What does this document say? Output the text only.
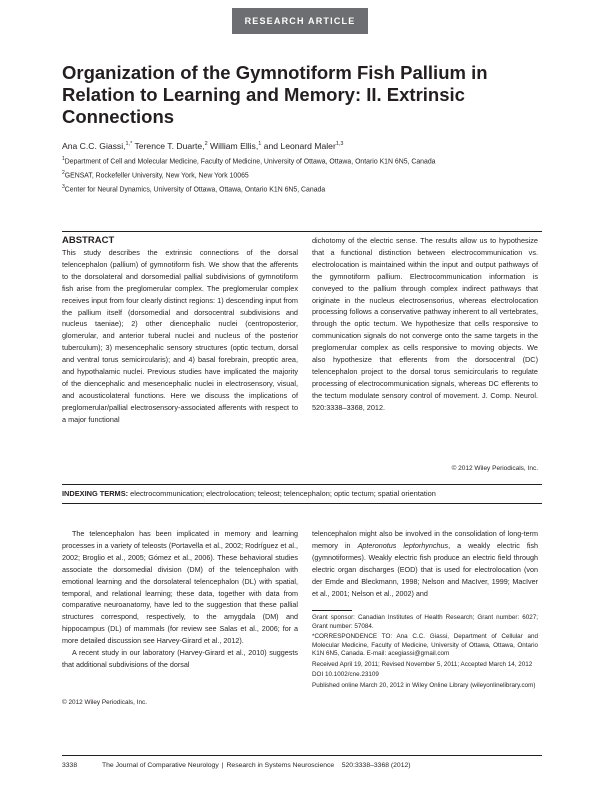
RESEARCH ARTICLE
Organization of the Gymnotiform Fish Pallium in Relation to Learning and Memory: II. Extrinsic Connections
Ana C.C. Giassi,$^{1,*}$ Terence T. Duarte,$^2$ William Ellis,$^1$ and Leonard Maler$^{1,3}$
$^1$Department of Cell and Molecular Medicine, Faculty of Medicine, University of Ottawa, Ottawa, Ontario K1N 6N5, Canada
$^2$GENSAT, Rockefeller University, New York, New York 10065
$^3$Center for Neural Dynamics, University of Ottawa, Ottawa, Ontario K1N 6N5, Canada
ABSTRACT
This study describes the extrinsic connections of the dorsal telencephalon (pallium) of gymnotiform fish. We show that the afferents to the dorsolateral and dorsomedial pallial subdivisions of gymnotiform fish arise from the preglomerular complex. The preglomerular complex receives input from four clearly distinct regions: 1) descending input from the pallium itself (dorsomedial and dorsocentral subdivisions and nucleus taeniae); 2) other diencephalic nuclei (centroposterior, glomerular, and anterior tuberal nuclei and nucleus of the posterior tuberculum); 3) mesencephalic sensory structures (optic tectum, dorsal and ventral torus semicircularis); and 4) basal forebrain, preoptic area, and hypothalamic nuclei. Previous studies have implicated the majority of the diencephalic and mesencephalic nuclei in electrosensory, visual, and acousticolateral functions. Here we discuss the implications of preglomerular/pallial electrosensory-associated afferents with respect to a major functional
dichotomy of the electric sense. The results allow us to hypothesize that a functional distinction between electrocommunication vs. electrolocation is maintained within the input and output pathways of the gymnotiform pallium. Electrocommunication information is conveyed to the pallium through complex indirect pathways that originate in the nucleus electrosensorius, whereas electrolocation processing follows a conservative pathway inherent to all vertebrates, through the optic tectum. We hypothesize that cells responsive to communication signals do not converge onto the same targets in the preglomerular complex as cells responsive to moving objects. We also hypothesize that efferents from the dorsocentral (DC) telencephalon project to the dorsal torus semicircularis to regulate processing of electrocommunication signals, whereas DC efferents to the tectum modulate sensory control of movement. J. Comp. Neurol. 520:3338–3368, 2012.
© 2012 Wiley Periodicals, Inc.
INDEXING TERMS: electrocommunication; electrolocation; teleost; telencephalon; optic tectum; spatial orientation
The telencephalon has been implicated in memory and learning processes in a variety of teleosts (Portavella et al., 2002; Rodríguez et al., 2002; Broglio et al., 2005; Gómez et al., 2006). These behavioral studies associate the dorsomedial division (DM) of the telencephalon with emotional learning and the dorsolateral telencephalon (DL) with spatial, temporal, and relational learning; these data, together with data from comparative neuroanatomy, have led to the suggestion that these pallial structures correspond, respectively, to the amygdala (DM) and hippocampus (DL) of mammals (for review see Salas et al., 2006; for a more detailed discussion see Harvey-Girard et al., 2012).
A recent study in our laboratory (Harvey-Girard et al., 2010) suggests that additional subdivisions of the dorsal
© 2012 Wiley Periodicals, Inc.
telencephalon might also be involved in the consolidation of long-term memory in Apteronotus leptorhynchus, a weakly electric fish (gymnotiformes). Weakly electric fish produce an electric field through electric organ discharges (EOD) that is used for electrolocation (von der Emde and Bleckmann, 1998; Nelson and MacIver, 1999; MacIver et al., 2001; Nelson et al., 2002) and

Grant sponsor: Canadian Institutes of Health Research; Grant number: 6027; Grant number: 57084.

*CORRESPONDENCE TO: Ana C.C. Giassi, Department of Cellular and Molecular Medicine, Faculty of Medicine, University of Ottawa, Ottawa, Ontario K1N 6N5, Canada. E-mail: acegiassi@gmail.com

Received April 19, 2011; Revised November 5, 2011; Accepted March 14, 2012

DOI 10.1002/cne.23109

Published online March 20, 2012 in Wiley Online Library (wileyonlinelibrary.com)

3338	The Journal of Comparative Neurology | Research in Systems Neuroscience 520:3338–3368 (2012)
